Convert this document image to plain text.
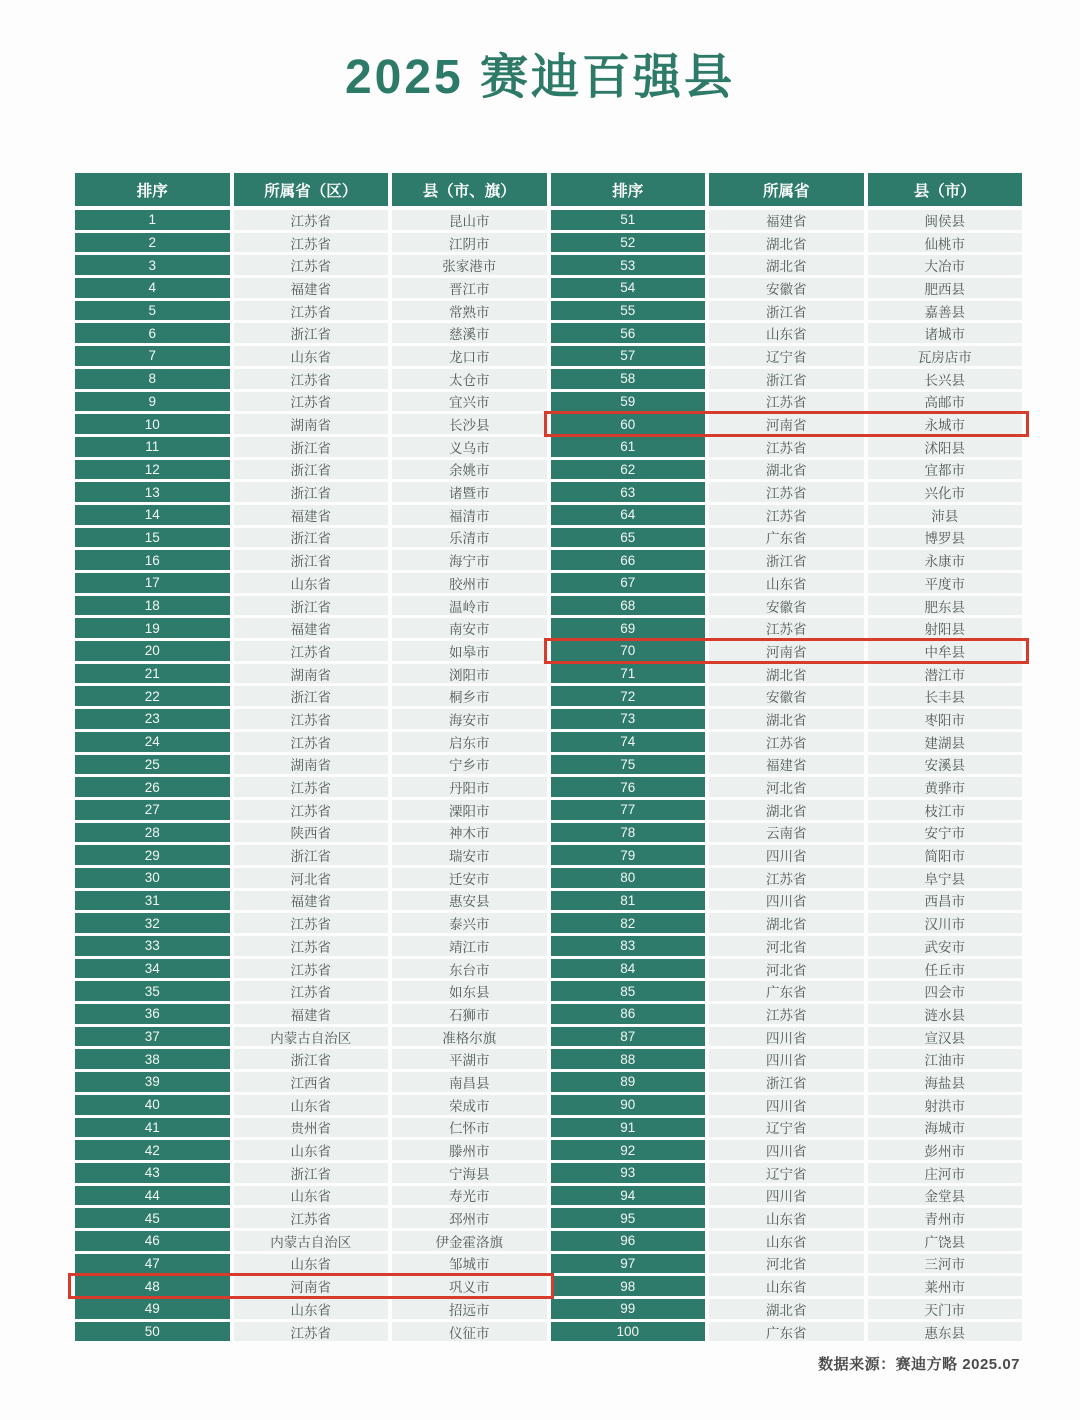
2025 赛迪百强县
排序	所属省（区）	县（市、旗）
1	江苏省	昆山市
2	江苏省	江阴市
3	江苏省	张家港市
4	福建省	晋江市
5	江苏省	常熟市
6	浙江省	慈溪市
7	山东省	龙口市
8	江苏省	太仓市
9	江苏省	宜兴市
10	湖南省	长沙县
11	浙江省	义乌市
12	浙江省	余姚市
13	浙江省	诸暨市
14	福建省	福清市
15	浙江省	乐清市
16	浙江省	海宁市
17	山东省	胶州市
18	浙江省	温岭市
19	福建省	南安市
20	江苏省	如皋市
21	湖南省	浏阳市
22	浙江省	桐乡市
23	江苏省	海安市
24	江苏省	启东市
25	湖南省	宁乡市
26	江苏省	丹阳市
27	江苏省	溧阳市
28	陕西省	神木市
29	浙江省	瑞安市
30	河北省	迁安市
31	福建省	惠安县
32	江苏省	泰兴市
33	江苏省	靖江市
34	江苏省	东台市
35	江苏省	如东县
36	福建省	石狮市
37	内蒙古自治区	准格尔旗
38	浙江省	平湖市
39	江西省	南昌县
40	山东省	荣成市
41	贵州省	仁怀市
42	山东省	滕州市
43	浙江省	宁海县
44	山东省	寿光市
45	江苏省	邳州市
46	内蒙古自治区	伊金霍洛旗
47	山东省	邹城市
48	河南省	巩义市
49	山东省	招远市
50	江苏省	仪征市
排序	所属省	县（市）
51	福建省	闽侯县
52	湖北省	仙桃市
53	湖北省	大冶市
54	安徽省	肥西县
55	浙江省	嘉善县
56	山东省	诸城市
57	辽宁省	瓦房店市
58	浙江省	长兴县
59	江苏省	高邮市
60	河南省	永城市
61	江苏省	沭阳县
62	湖北省	宜都市
63	江苏省	兴化市
64	江苏省	沛县
65	广东省	博罗县
66	浙江省	永康市
67	山东省	平度市
68	安徽省	肥东县
69	江苏省	射阳县
70	河南省	中牟县
71	湖北省	潜江市
72	安徽省	长丰县
73	湖北省	枣阳市
74	江苏省	建湖县
75	福建省	安溪县
76	河北省	黄骅市
77	湖北省	枝江市
78	云南省	安宁市
79	四川省	简阳市
80	江苏省	阜宁县
81	四川省	西昌市
82	湖北省	汉川市
83	河北省	武安市
84	河北省	任丘市
85	广东省	四会市
86	江苏省	涟水县
87	四川省	宣汉县
88	四川省	江油市
89	浙江省	海盐县
90	四川省	射洪市
91	辽宁省	海城市
92	四川省	彭州市
93	辽宁省	庄河市
94	四川省	金堂县
95	山东省	青州市
96	山东省	广饶县
97	河北省	三河市
98	山东省	莱州市
99	湖北省	天门市
100	广东省	惠东县
数据来源：赛迪方略 2025.07
